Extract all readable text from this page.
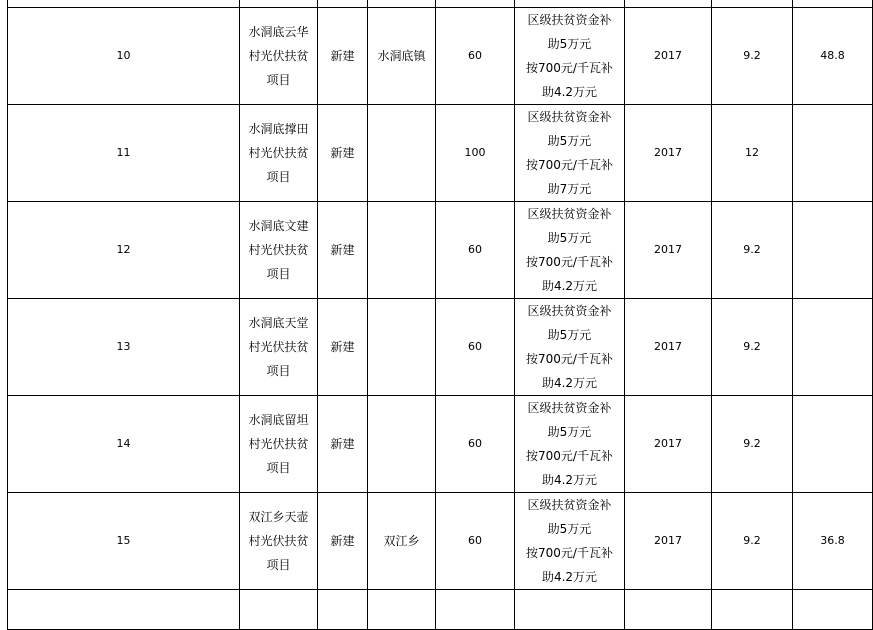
10	水洞底云华
村光伏扶贫
项目	新建	水洞底镇	60	区级扶贫资金补
助5万元
按700元/千瓦补
助4.2万元	2017	9.2	48.8
11	水洞底撑田
村光伏扶贫
项目	新建		100	区级扶贫资金补
助5万元
按700元/千瓦补
助7万元	2017	12	
12	水洞底文建
村光伏扶贫
项目	新建		60	区级扶贫资金补
助5万元
按700元/千瓦补
助4.2万元	2017	9.2	
13	水洞底天堂
村光伏扶贫
项目	新建		60	区级扶贫资金补
助5万元
按700元/千瓦补
助4.2万元	2017	9.2	
14	水洞底留坦
村光伏扶贫
项目	新建		60	区级扶贫资金补
助5万元
按700元/千瓦补
助4.2万元	2017	9.2	
15	双江乡天壶
村光伏扶贫
项目	新建	双江乡	60	区级扶贫资金补
助5万元
按700元/千瓦补
助4.2万元	2017	9.2	36.8
